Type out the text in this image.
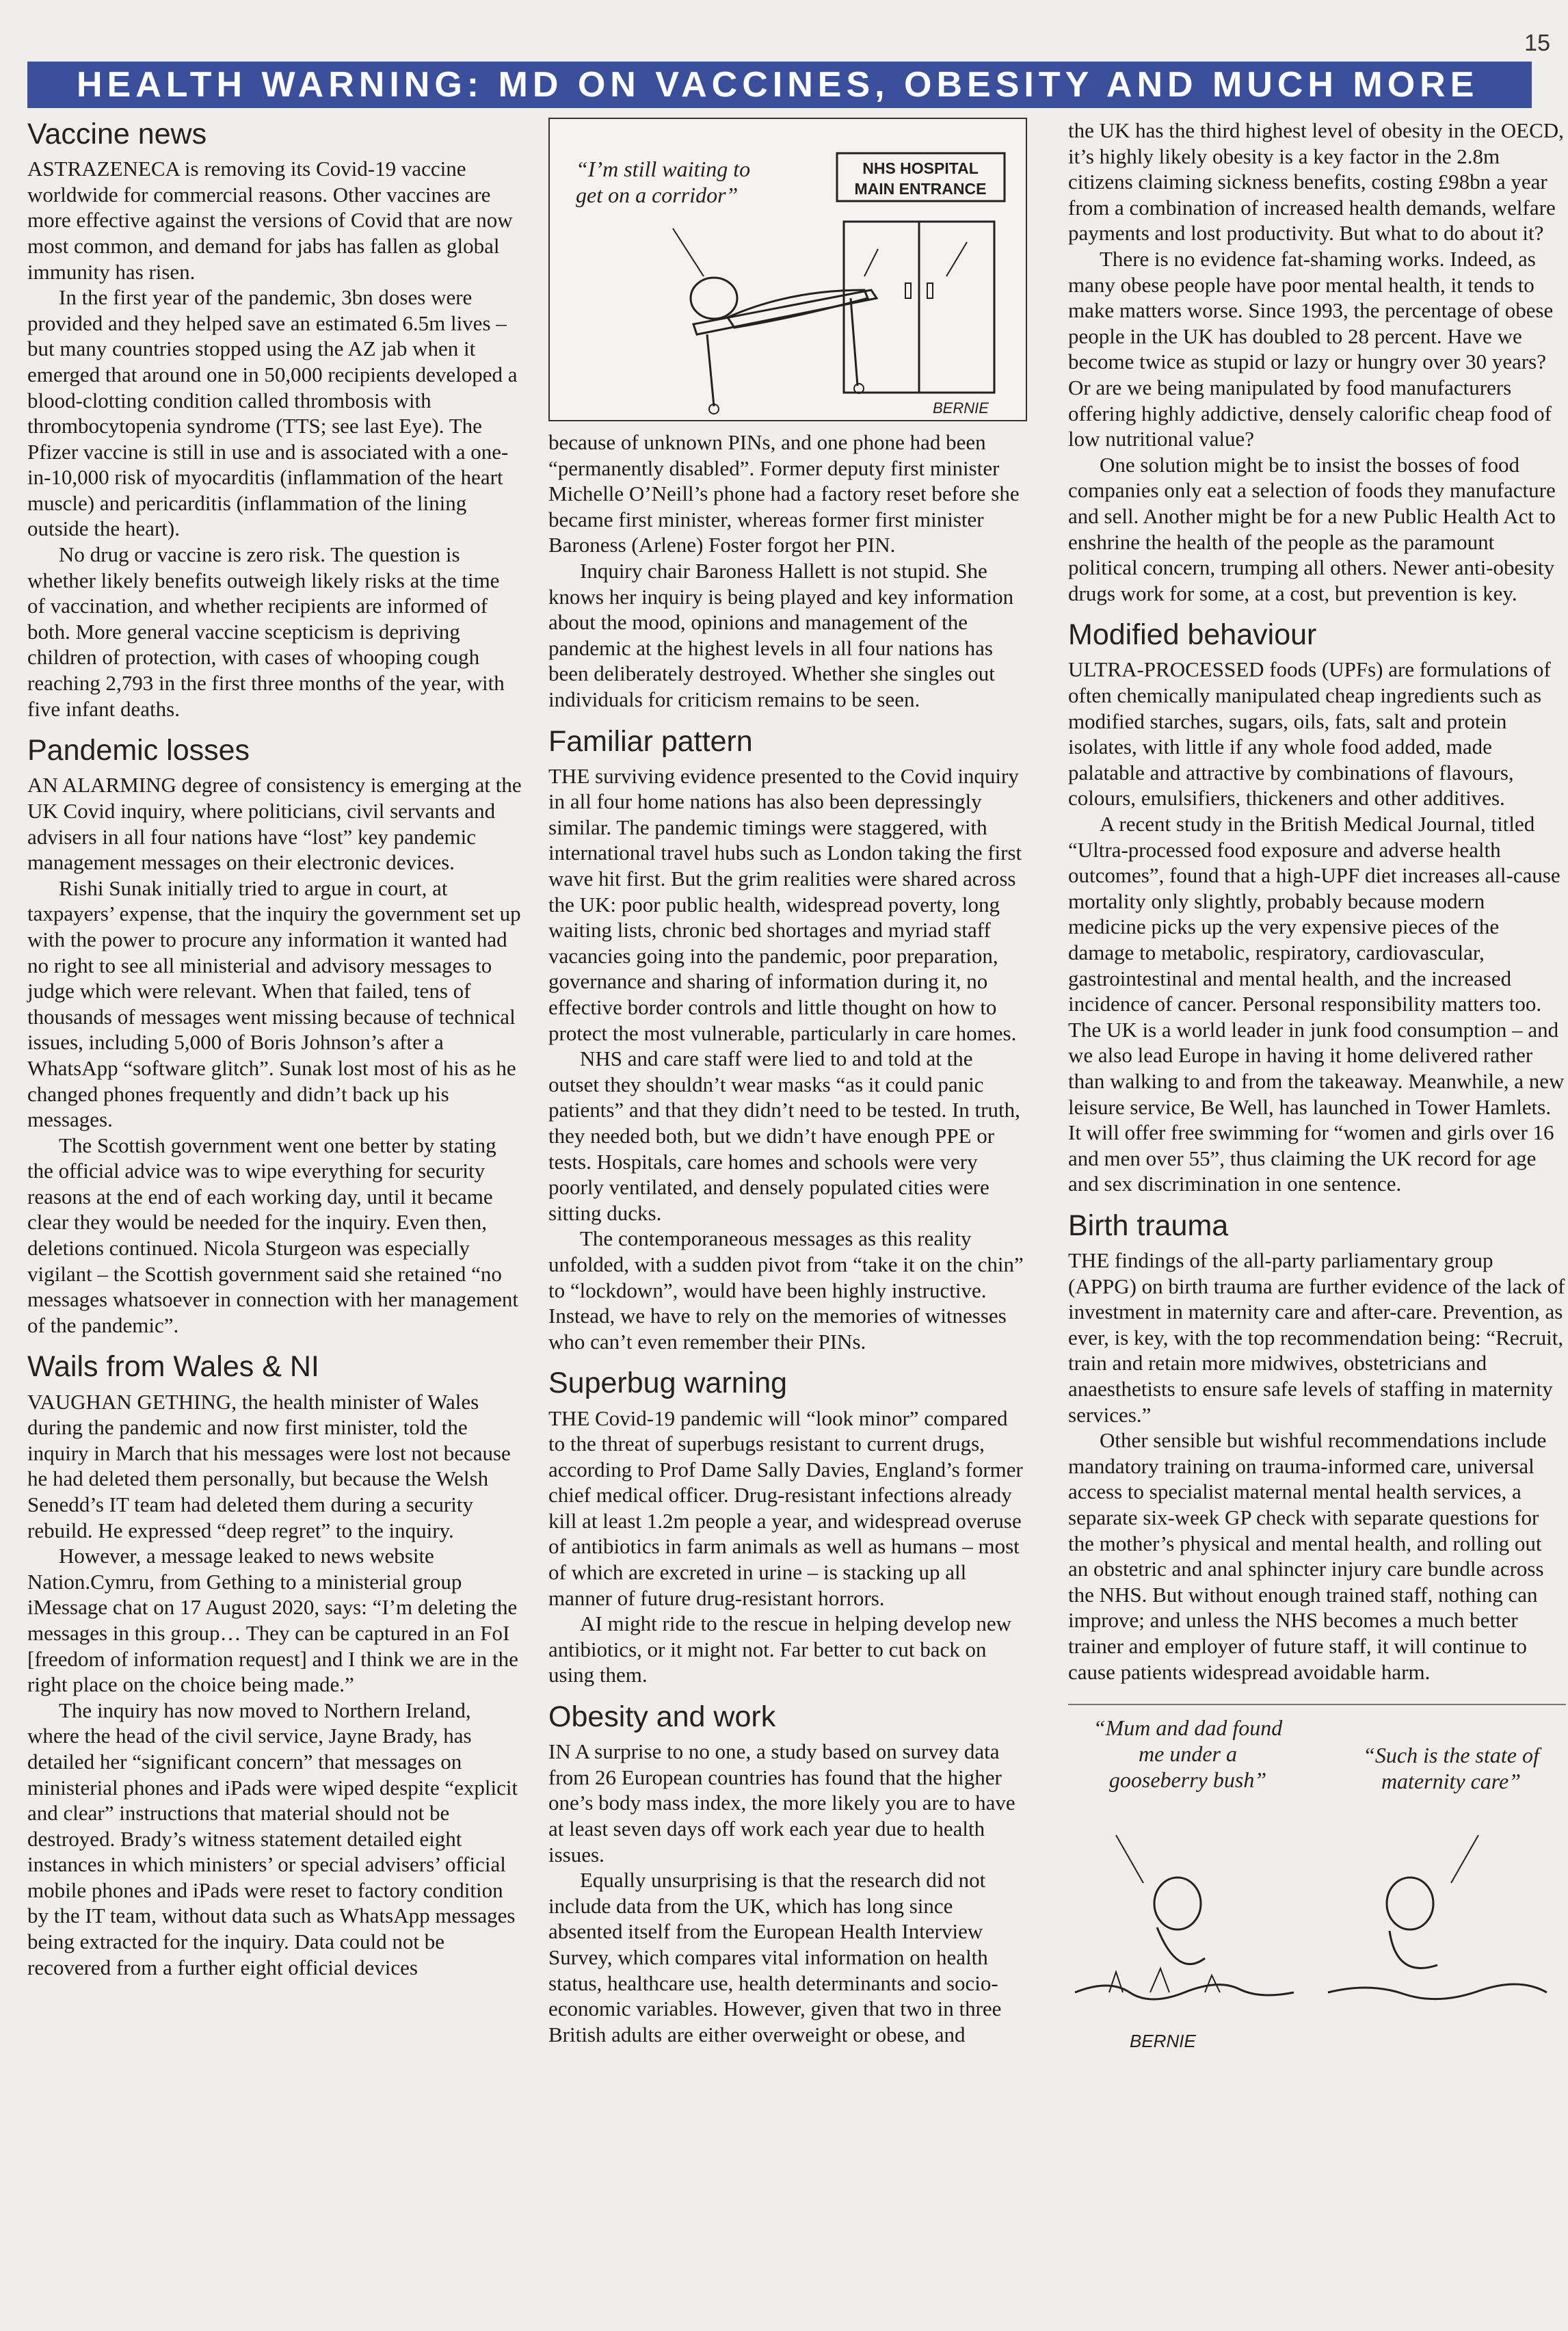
15
HEALTH WARNING: MD ON VACCINES, OBESITY AND MUCH MORE
Vaccine news

ASTRAZENECA is removing its Covid-19 vaccine worldwide for commercial reasons. Other vaccines are more effective against the versions of Covid that are now most common, and demand for jabs has fallen as global immunity has risen.

In the first year of the pandemic, 3bn doses were provided and they helped save an estimated 6.5m lives – but many countries stopped using the AZ jab when it emerged that around one in 50,000 recipients developed a blood-clotting condition called thrombosis with thrombocytopenia syndrome (TTS; see last Eye). The Pfizer vaccine is still in use and is associated with a one-in-10,000 risk of myocarditis (inflammation of the heart muscle) and pericarditis (inflammation of the lining outside the heart).

No drug or vaccine is zero risk. The question is whether likely benefits outweigh likely risks at the time of vaccination, and whether recipients are informed of both. More general vaccine scepticism is depriving children of protection, with cases of whooping cough reaching 2,793 in the first three months of the year, with five infant deaths.

Pandemic losses

AN ALARMING degree of consistency is emerging at the UK Covid inquiry, where politicians, civil servants and advisers in all four nations have “lost” key pandemic management messages on their electronic devices.

Rishi Sunak initially tried to argue in court, at taxpayers’ expense, that the inquiry the government set up with the power to procure any information it wanted had no right to see all ministerial and advisory messages to judge which were relevant. When that failed, tens of thousands of messages went missing because of technical issues, including 5,000 of Boris Johnson’s after a WhatsApp “software glitch”. Sunak lost most of his as he changed phones frequently and didn’t back up his messages.

The Scottish government went one better by stating the official advice was to wipe everything for security reasons at the end of each working day, until it became clear they would be needed for the inquiry. Even then, deletions continued. Nicola Sturgeon was especially vigilant – the Scottish government said she retained “no messages whatsoever in connection with her management of the pandemic”.

Wails from Wales & NI

VAUGHAN GETHING, the health minister of Wales during the pandemic and now first minister, told the inquiry in March that his messages were lost not because he had deleted them personally, but because the Welsh Senedd’s IT team had deleted them during a security rebuild. He expressed “deep regret” to the inquiry.

However, a message leaked to news website Nation.Cymru, from Gething to a ministerial group iMessage chat on 17 August 2020, says: “I’m deleting the messages in this group… They can be captured in an FoI [freedom of information request] and I think we are in the right place on the choice being made.”

The inquiry has now moved to Northern Ireland, where the head of the civil service, Jayne Brady, has detailed her “significant concern” that messages on ministerial phones and iPads were wiped despite “explicit and clear” instructions that material should not be destroyed. Brady’s witness statement detailed eight instances in which ministers’ or special advisers’ official mobile phones and iPads were reset to factory condition by the IT team, without data such as WhatsApp messages being extracted for the inquiry. Data could not be recovered from a further eight official devices

“I’m still waiting to get on a corridor”
NHS HOSPITAL
MAIN ENTRANCE
BERNIE

because of unknown PINs, and one phone had been “permanently disabled”. Former deputy first minister Michelle O’Neill’s phone had a factory reset before she became first minister, whereas former first minister Baroness (Arlene) Foster forgot her PIN.

Inquiry chair Baroness Hallett is not stupid. She knows her inquiry is being played and key information about the mood, opinions and management of the pandemic at the highest levels in all four nations has been deliberately destroyed. Whether she singles out individuals for criticism remains to be seen.

Familiar pattern

THE surviving evidence presented to the Covid inquiry in all four home nations has also been depressingly similar. The pandemic timings were staggered, with international travel hubs such as London taking the first wave hit first. But the grim realities were shared across the UK: poor public health, widespread poverty, long waiting lists, chronic bed shortages and myriad staff vacancies going into the pandemic, poor preparation, governance and sharing of information during it, no effective border controls and little thought on how to protect the most vulnerable, particularly in care homes.

NHS and care staff were lied to and told at the outset they shouldn’t wear masks “as it could panic patients” and that they didn’t need to be tested. In truth, they needed both, but we didn’t have enough PPE or tests. Hospitals, care homes and schools were very poorly ventilated, and densely populated cities were sitting ducks.

The contemporaneous messages as this reality unfolded, with a sudden pivot from “take it on the chin” to “lockdown”, would have been highly instructive. Instead, we have to rely on the memories of witnesses who can’t even remember their PINs.

Superbug warning

THE Covid-19 pandemic will “look minor” compared to the threat of superbugs resistant to current drugs, according to Prof Dame Sally Davies, England’s former chief medical officer. Drug-resistant infections already kill at least 1.2m people a year, and widespread overuse of antibiotics in farm animals as well as humans – most of which are excreted in urine – is stacking up all manner of future drug-resistant horrors.

AI might ride to the rescue in helping develop new antibiotics, or it might not. Far better to cut back on using them.

Obesity and work

IN A surprise to no one, a study based on survey data from 26 European countries has found that the higher one’s body mass index, the more likely you are to have at least seven days off work each year due to health issues.

Equally unsurprising is that the research did not include data from the UK, which has long since absented itself from the European Health Interview Survey, which compares vital information on health status, healthcare use, health determinants and socio-economic variables. However, given that two in three British adults are either overweight or obese, and

the UK has the third highest level of obesity in the OECD, it’s highly likely obesity is a key factor in the 2.8m citizens claiming sickness benefits, costing £98bn a year from a combination of increased health demands, welfare payments and lost productivity. But what to do about it?

There is no evidence fat-shaming works. Indeed, as many obese people have poor mental health, it tends to make matters worse. Since 1993, the percentage of obese people in the UK has doubled to 28 percent. Have we become twice as stupid or lazy or hungry over 30 years? Or are we being manipulated by food manufacturers offering highly addictive, densely calorific cheap food of low nutritional value?

One solution might be to insist the bosses of food companies only eat a selection of foods they manufacture and sell. Another might be for a new Public Health Act to enshrine the health of the people as the paramount political concern, trumping all others. Newer anti-obesity drugs work for some, at a cost, but prevention is key.

Modified behaviour

ULTRA-PROCESSED foods (UPFs) are formulations of often chemically manipulated cheap ingredients such as modified starches, sugars, oils, fats, salt and protein isolates, with little if any whole food added, made palatable and attractive by combinations of flavours, colours, emulsifiers, thickeners and other additives.

A recent study in the British Medical Journal, titled “Ultra-processed food exposure and adverse health outcomes”, found that a high-UPF diet increases all-cause mortality only slightly, probably because modern medicine picks up the very expensive pieces of the damage to metabolic, respiratory, cardiovascular, gastrointestinal and mental health, and the increased incidence of cancer. Personal responsibility matters too. The UK is a world leader in junk food consumption – and we also lead Europe in having it home delivered rather than walking to and from the takeaway. Meanwhile, a new leisure service, Be Well, has launched in Tower Hamlets. It will offer free swimming for “women and girls over 16 and men over 55”, thus claiming the UK record for age and sex discrimination in one sentence.

Birth trauma

THE findings of the all-party parliamentary group (APPG) on birth trauma are further evidence of the lack of investment in maternity care and after-care. Prevention, as ever, is key, with the top recommendation being: “Recruit, train and retain more midwives, obstetricians and anaesthetists to ensure safe levels of staffing in maternity services.”

Other sensible but wishful recommendations include mandatory training on trauma-informed care, universal access to specialist maternal mental health services, a separate six-week GP check with separate questions for the mother’s physical and mental health, and rolling out an obstetric and anal sphincter injury care bundle across the NHS. But without enough trained staff, nothing can improve; and unless the NHS becomes a much better trainer and employer of future staff, it will continue to cause patients widespread avoidable harm.

“Mum and dad found me under a gooseberry bush”
“Such is the state of maternity care”
BERNIE
